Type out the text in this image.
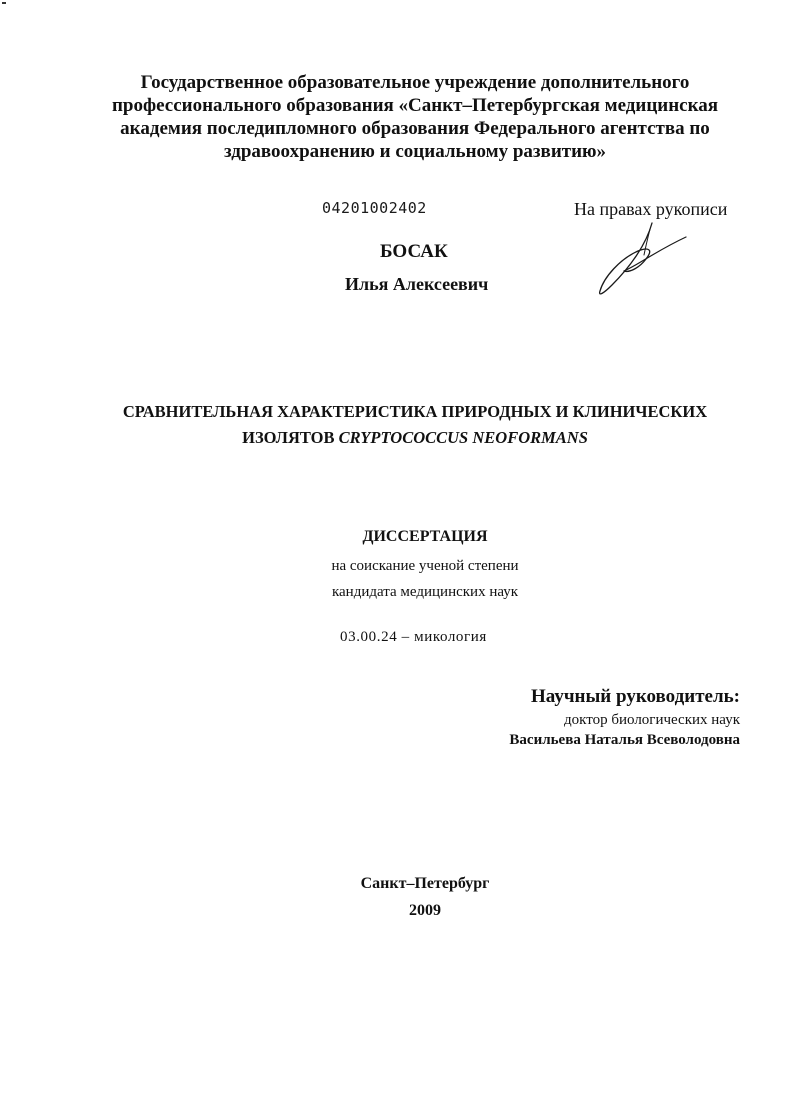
Государственное образовательное учреждение дополнительного
профессионального образования «Санкт–Петербургская медицинская
академия последипломного образования Федерального агентства по
здравоохранению и социальному развитию»
04201002402	На правах рукописи
БОСАК
Илья Алексеевич
СРАВНИТЕЛЬНАЯ ХАРАКТЕРИСТИКА ПРИРОДНЫХ И КЛИНИЧЕСКИХ
ИЗОЛЯТОВ CRYPTOCOCCUS NEOFORMANS
ДИССЕРТАЦИЯ
на соискание ученой степени
кандидата медицинских наук
03.00.24 – микология
Научный руководитель:
доктор биологических наук
Васильева Наталья Всеволодовна
Санкт–Петербург
2009
